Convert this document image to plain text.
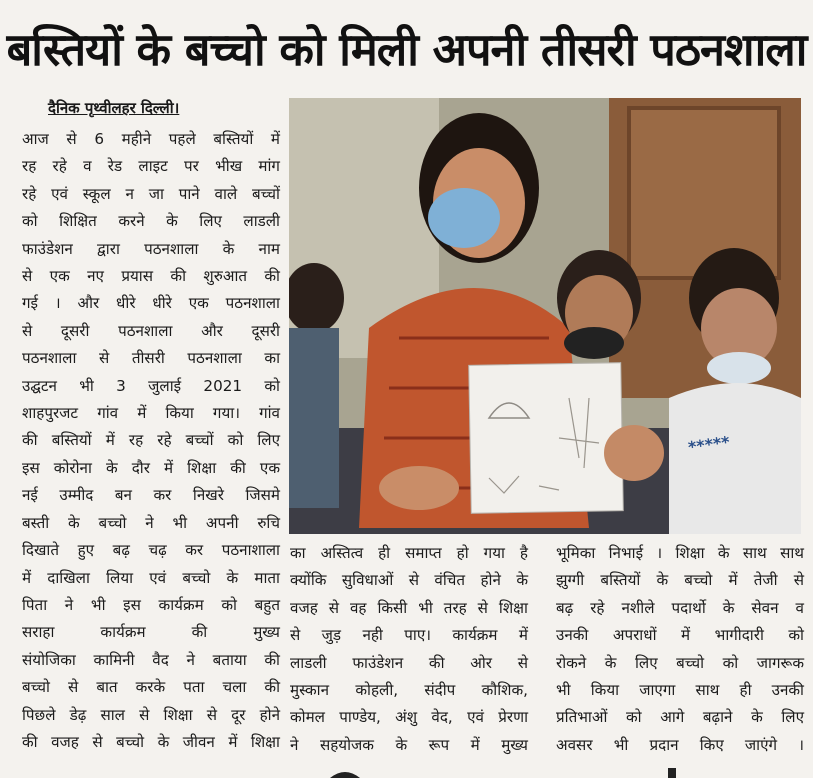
बस्तियों के बच्चो को मिली अपनी तीसरी पठनशाला
दैनिक पृथ्वीलहर दिल्ली।

आज से 6 महीने पहले बस्तियों में

रह रहे व रेड लाइट पर भीख मांग

रहे एवं स्कूल न जा पाने वाले बच्चों

को शिक्षित करने के लिए लाडली

फाउंडेशन द्वारा पठनशाला के नाम

से एक नए प्रयास की शुरुआत की

गई । और धीरे धीरे एक पठनशाला

से दूसरी पठनशाला और दूसरी

पठनशाला से तीसरी पठनशाला का

उद्घटन भी 3 जुलाई 2021 को

शाहपुरजट गांव में किया गया। गांव

की बस्तियों में रह रहे बच्चों को लिए

इस कोरोना के दौर में शिक्षा की एक

नई उम्मीद बन कर निखरे जिसमे

बस्ती के बच्चो ने भी अपनी रुचि

दिखाते हुए बढ़ चढ़ कर पठनाशाला

में दाखिला लिया एवं बच्चो के माता

पिता ने भी इस कार्यक्रम को बहुत

सराहा कार्यक्रम की मुख्य

संयोजिका कामिनी वैद ने बताया की

बच्चो से बात करके पता चला की

पिछले डेढ़ साल से शिक्षा से दूर होने

की वजह से बच्चो के जीवन में शिक्षा

*****

का अस्तित्व ही समाप्त हो गया है

क्योंकि सुविधाओं से वंचित होने के

वजह से वह किसी भी तरह से शिक्षा

से जुड़ नही पाए। कार्यक्रम में

लाडली फाउंडेशन की ओर से

मुस्कान कोहली, संदीप कौशिक,

कोमल पाण्डेय, अंशु वेद, एवं प्रेरणा

ने सहयोजक के रूप में मुख्य

भूमिका निभाई । शिक्षा के साथ साथ

झुग्गी बस्तियों के बच्चो में तेजी से

बढ़ रहे नशीले पदार्थो के सेवन व

उनकी अपराधों में भागीदारी को

रोकने के लिए बच्चो को जागरूक

भी किया जाएगा साथ ही उनकी

प्रतिभाओं को आगे बढ़ाने के लिए

अवसर भी प्रदान किए जाएंगे ।
